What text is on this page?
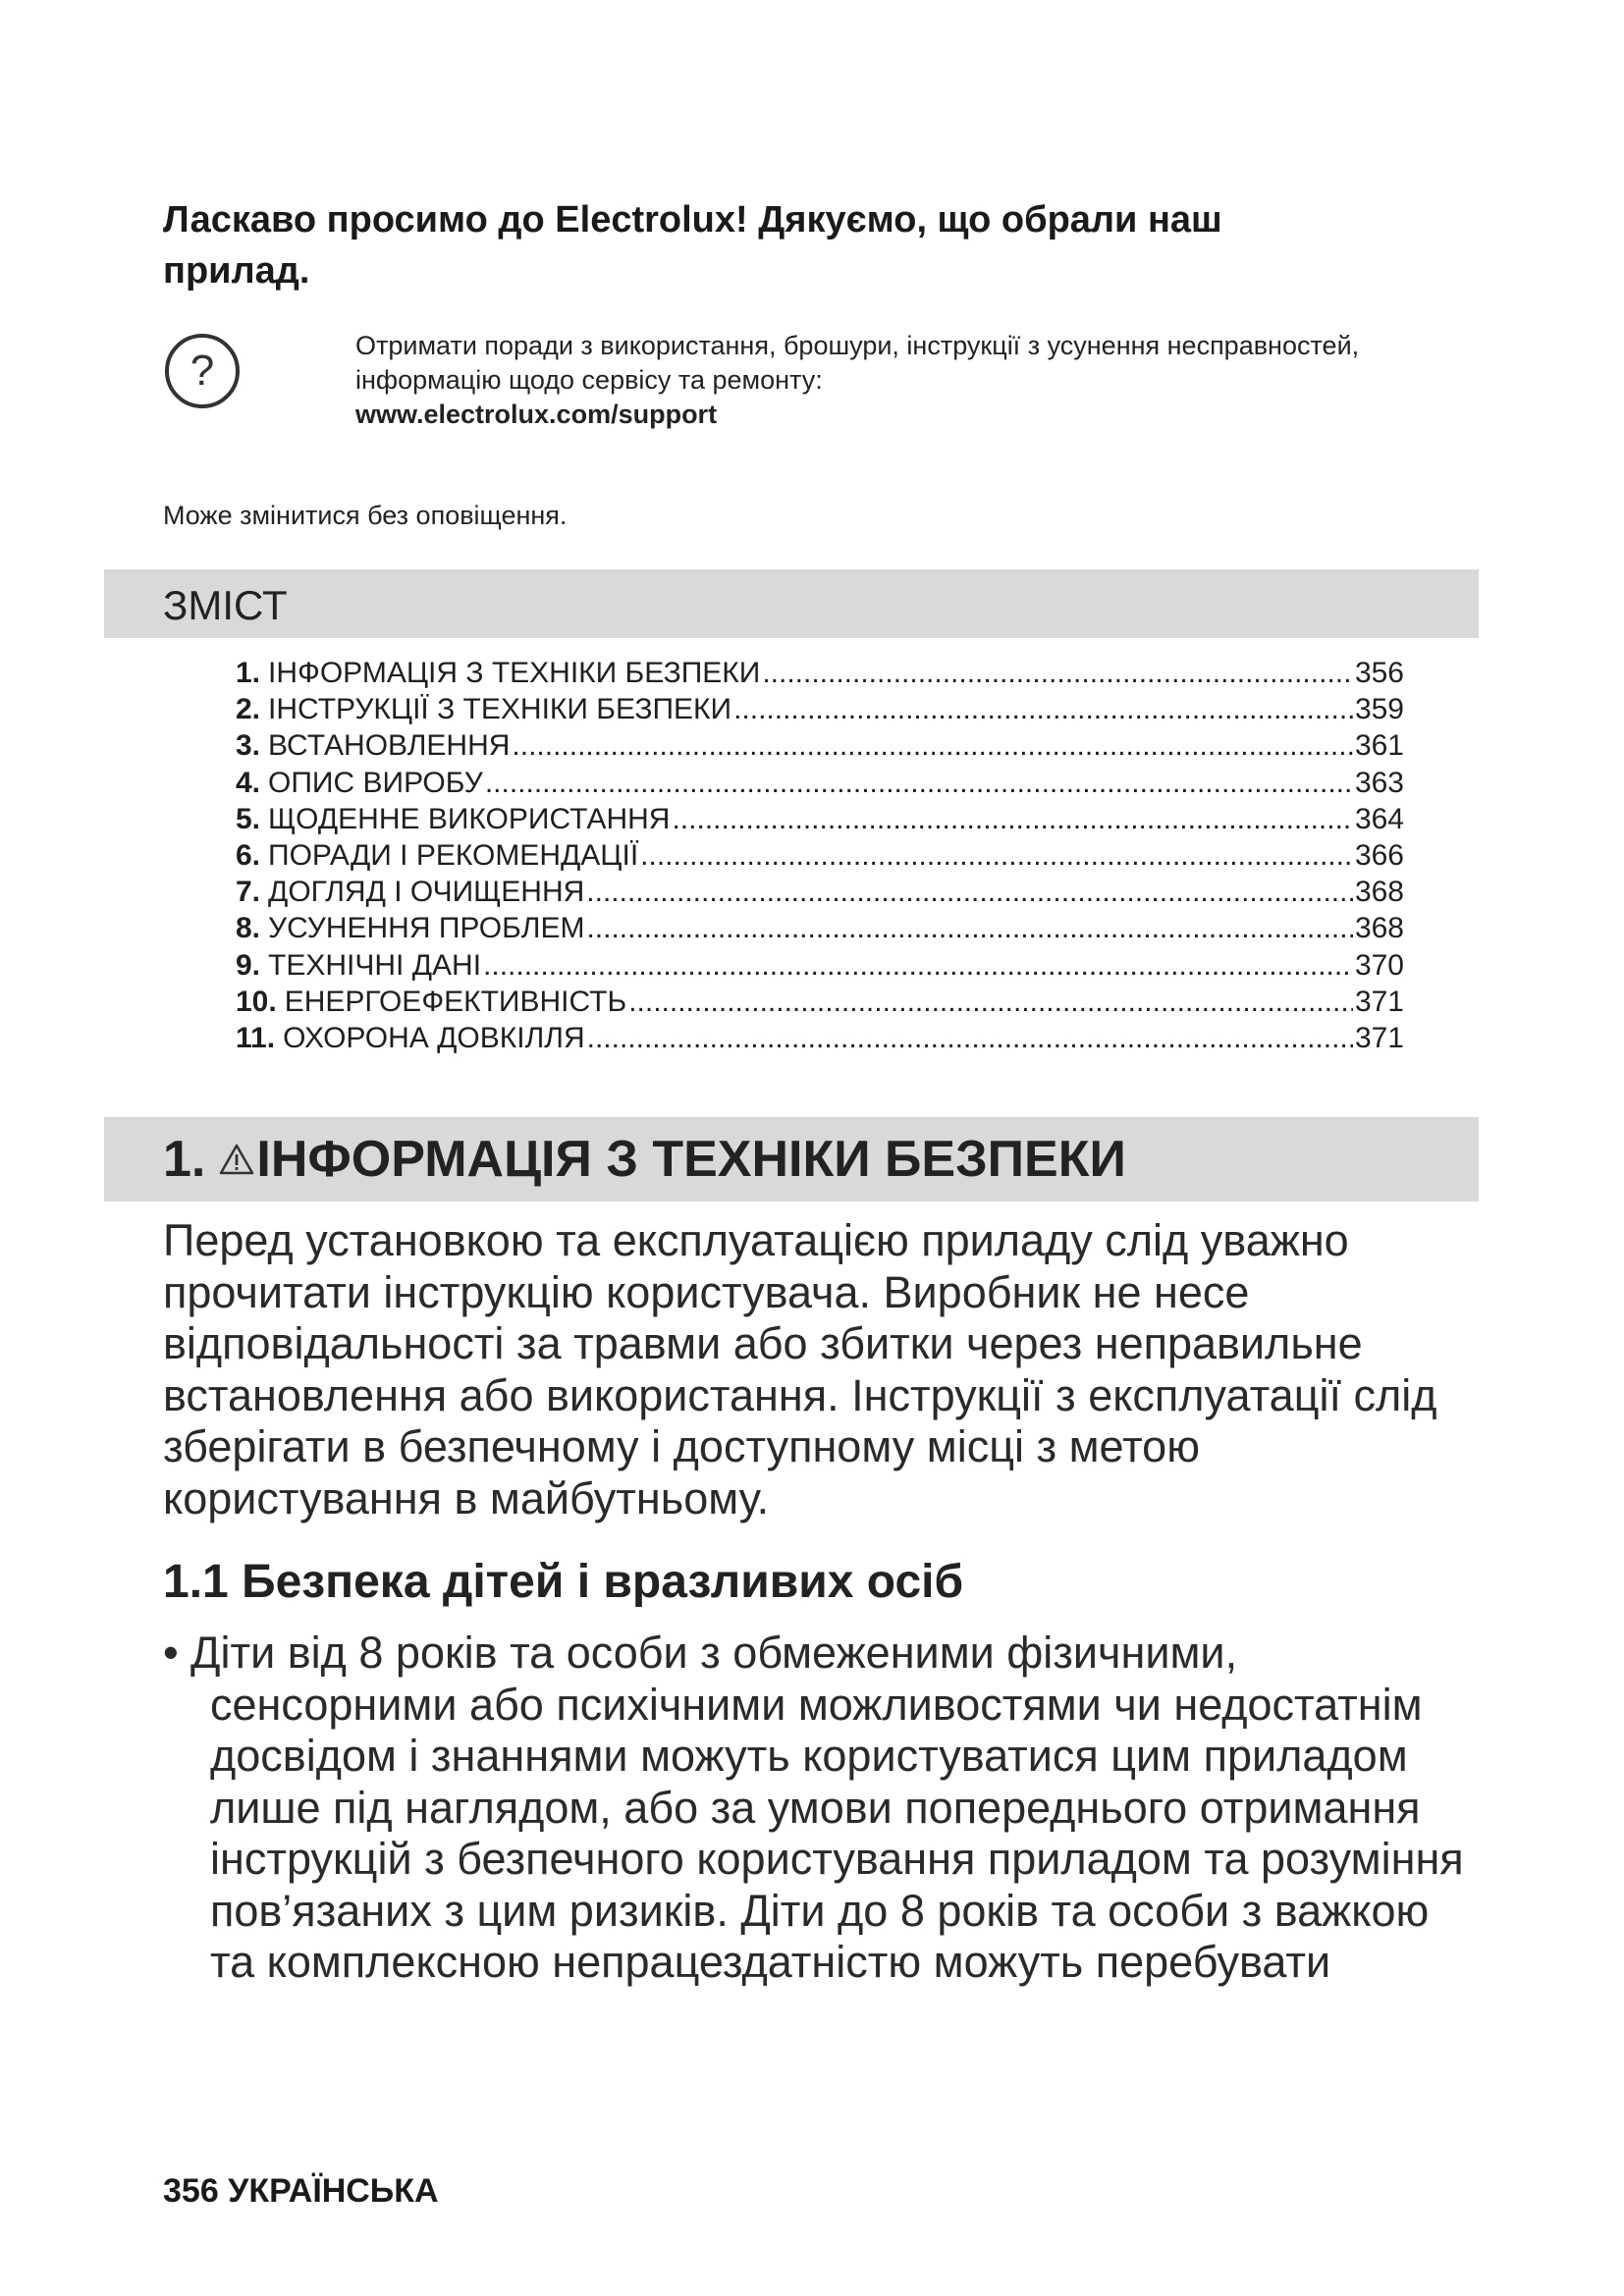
Ласкаво просимо до Electrolux! Дякуємо, що обрали наш прилад.
?
Отримати поради з використання, брошури, інструкції з усунення несправностей, інформацію щодо сервісу та ремонту:
www.electrolux.com/support
Може змінитися без оповіщення.
ЗМІСТ
1. ІНФОРМАЦІЯ З ТЕХНІКИ БЕЗПЕКИ .....	356
2. ІНСТРУКЦІЇ З ТЕХНІКИ БЕЗПЕКИ .....	359
3. ВСТАНОВЛЕННЯ .....	361
4. ОПИС ВИРОБУ .....	363
5. ЩОДЕННЕ ВИКОРИСТАННЯ .....	364
6. ПОРАДИ І РЕКОМЕНДАЦІЇ .....	366
7. ДОГЛЯД І ОЧИЩЕННЯ .....	368
8. УСУНЕННЯ ПРОБЛЕМ .....	368
9. ТЕХНІЧНІ ДАНІ .....	370
10. ЕНЕРГОЕФЕКТИВНІСТЬ .....	371
11. ОХОРОНА ДОВКІЛЛЯ .....	371
1. ІНФОРМАЦІЯ З ТЕХНІКИ БЕЗПЕКИ
Перед установкою та експлуатацією приладу слід уважно прочитати інструкцію користувача. Виробник не несе відповідальності за травми або збитки через неправильне встановлення або використання. Інструкції з експлуатації слід зберігати в безпечному і доступному місці з метою користування в майбутньому.
1.1 Безпека дітей і вразливих осіб
• Діти від 8 років та особи з обмеженими фізичними, сенсорними або психічними можливостями чи недостатнім досвідом і знаннями можуть користуватися цим приладом лише під наглядом, або за умови попереднього отримання інструкцій з безпечного користування приладом та розуміння пов’язаних з цим ризиків. Діти до 8 років та особи з важкою та комплексною непрацездатністю можуть перебувати
356 УКРАЇНСЬКА
